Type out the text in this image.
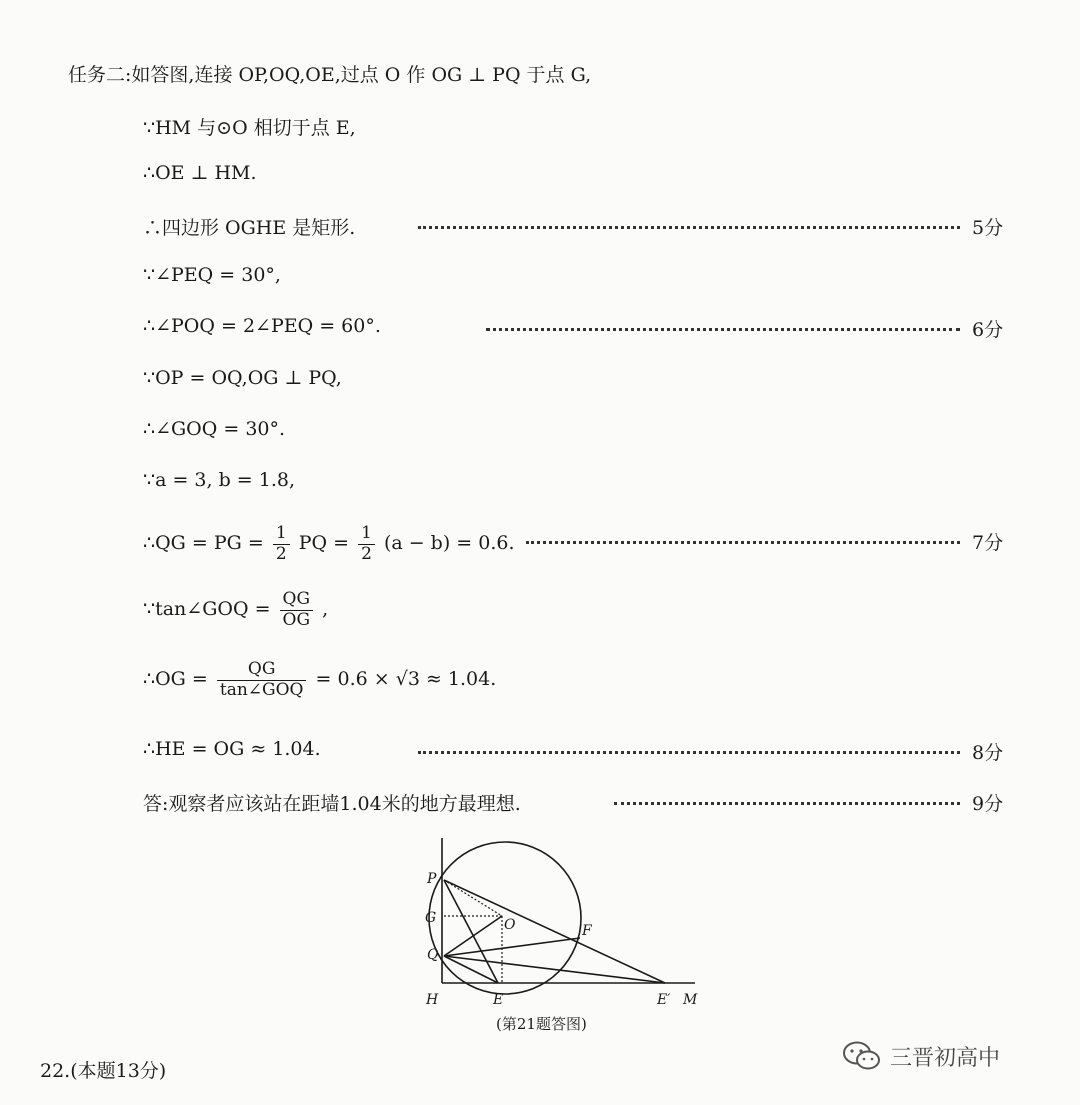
任务二:如答图,连接 OP,OQ,OE,过点 O 作 OG ⊥ PQ 于点 G,
∵HM 与⊙O 相切于点 E,
∴OE ⊥ HM.
∴四边形 OGHE 是矩形.	5分
∵∠PEQ = 30°,
∴∠POQ = 2∠PEQ = 60°.	6分
∵OP = OQ,OG ⊥ PQ,
∴∠GOQ = 30°.
∵a = 3, b = 1.8,
∴QG = PG = $\frac{1}{2}$ PQ = $\frac{1}{2} (a - b) = 0.6$.	7分
∵tan∠GOQ = $\frac{QG}{OG}$ ,
∴OG = $\frac{QG}{\text{tan∠GOQ}} = 0.6 \times √3 \approx 1.04$.
∴HE = OG ≈ 1.04.	8分
答:观察者应该站在距墙1.04米的地方最理想.	9分
P
G	O	F
Q
H	E	E′ M
(第21题答图)
22.(本题13分)
三晋初高中
